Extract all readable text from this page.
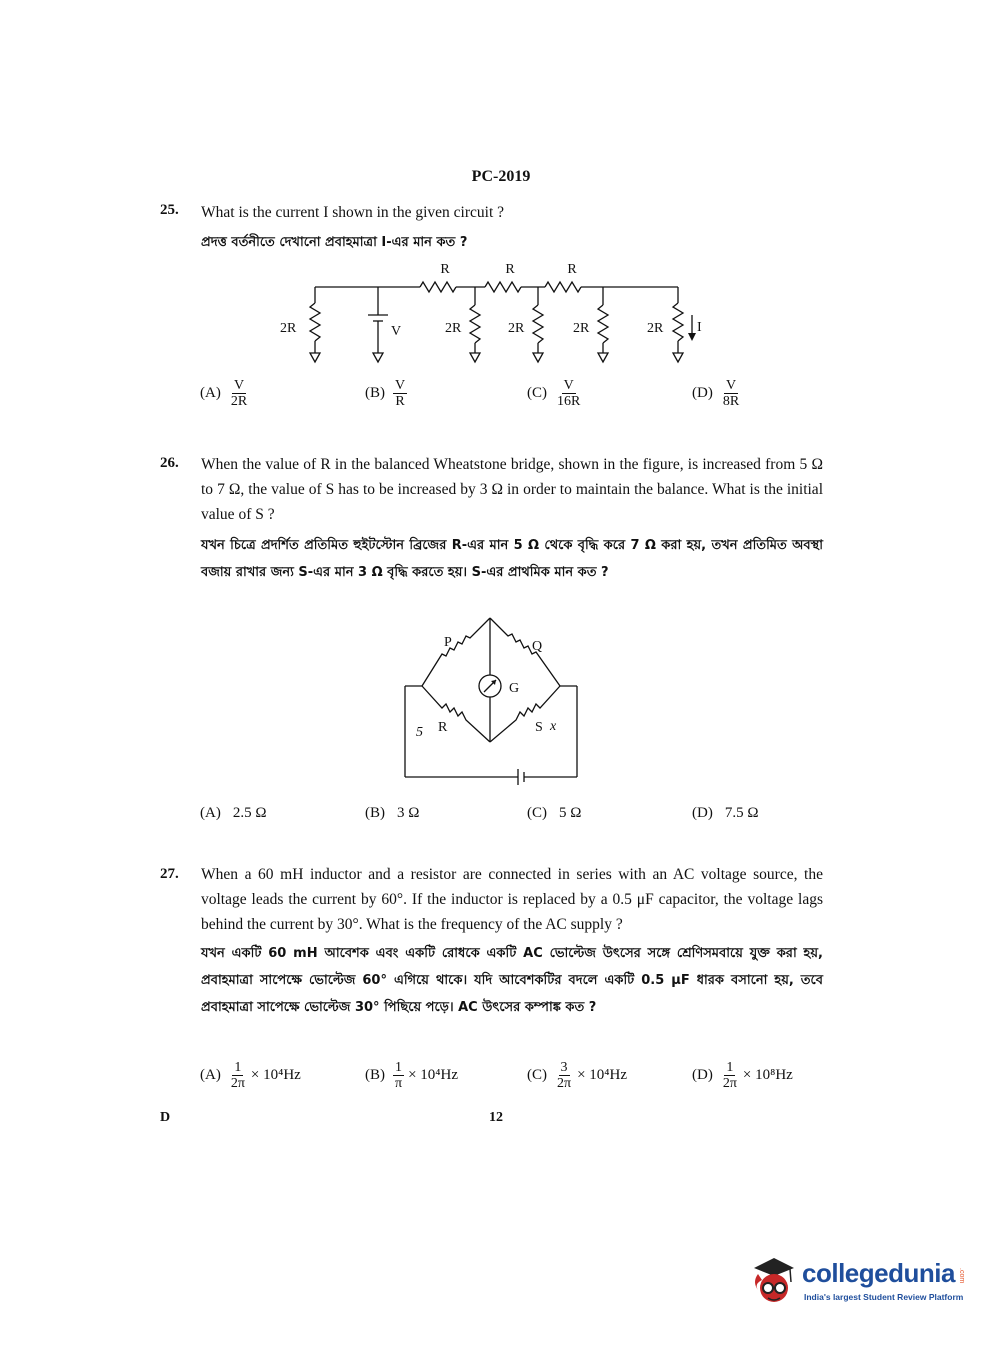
PC-2019
25. What is the current I shown in the given circuit ?
প্রদত্ত বর্তনীতে দেখানো প্রবাহমাত্রা I-এর মান কত ?
R	R	R
2R	V	2R	2R	2R	2R I
$(A) \frac{V}{2R}$	$(B) \frac{V}{R}$	$(C) \frac{V}{16R}$	$(D) \frac{V}{8R}$
26. When the value of R in the balanced Wheatstone bridge, shown in the figure, is increased from 5 Ω to 7 Ω, the value of S has to be increased by 3 Ω in order to maintain the balance. What is the initial value of S ?
যখন চিত্রে প্রদর্শিত প্রতিমিত হুইটস্টোন ব্রিজের R-এর মান 5 Ω থেকে বৃদ্ধি করে 7 Ω করা হয়, তখন প্রতিমিত অবস্থা বজায় রাখার জন্য S-এর মান 3 Ω বৃদ্ধি করতে হয়। S-এর প্রাথমিক মান কত ?
P	Q
G
5 R	S x
(A) 2.5 Ω	(B) 3 Ω	(C) 5 Ω	(D) 7.5 Ω
27. When a 60 mH inductor and a resistor are connected in series with an AC voltage source, the voltage leads the current by 60°. If the inductor is replaced by a 0.5 μF capacitor, the voltage lags behind the current by 30°. What is the frequency of the AC supply ?
যখন একটি 60 mH আবেশক এবং একটি রোধকে একটি AC ভোল্টেজ উৎসের সঙ্গে শ্রেণিসমবায়ে যুক্ত করা হয়, প্রবাহমাত্রা সাপেক্ষে ভোল্টেজ 60° এগিয়ে থাকে। যদি আবেশকটির বদলে একটি 0.5 μF ধারক বসানো হয়, তবে প্রবাহমাত্রা সাপেক্ষে ভোল্টেজ 30° পিছিয়ে পড়ে। AC উৎসের কম্পাঙ্ক কত ?
$(A) \frac{1}{2\pi} \times 10^4Hz$	$(B) \frac{1}{\pi} \times 10^4Hz$	$(C) \frac{3}{2\pi} \times 10^4Hz$	$(D) \frac{1}{2\pi} \times 10^8Hz$
D	12
collegedunia .com
India's largest Student Review Platform
